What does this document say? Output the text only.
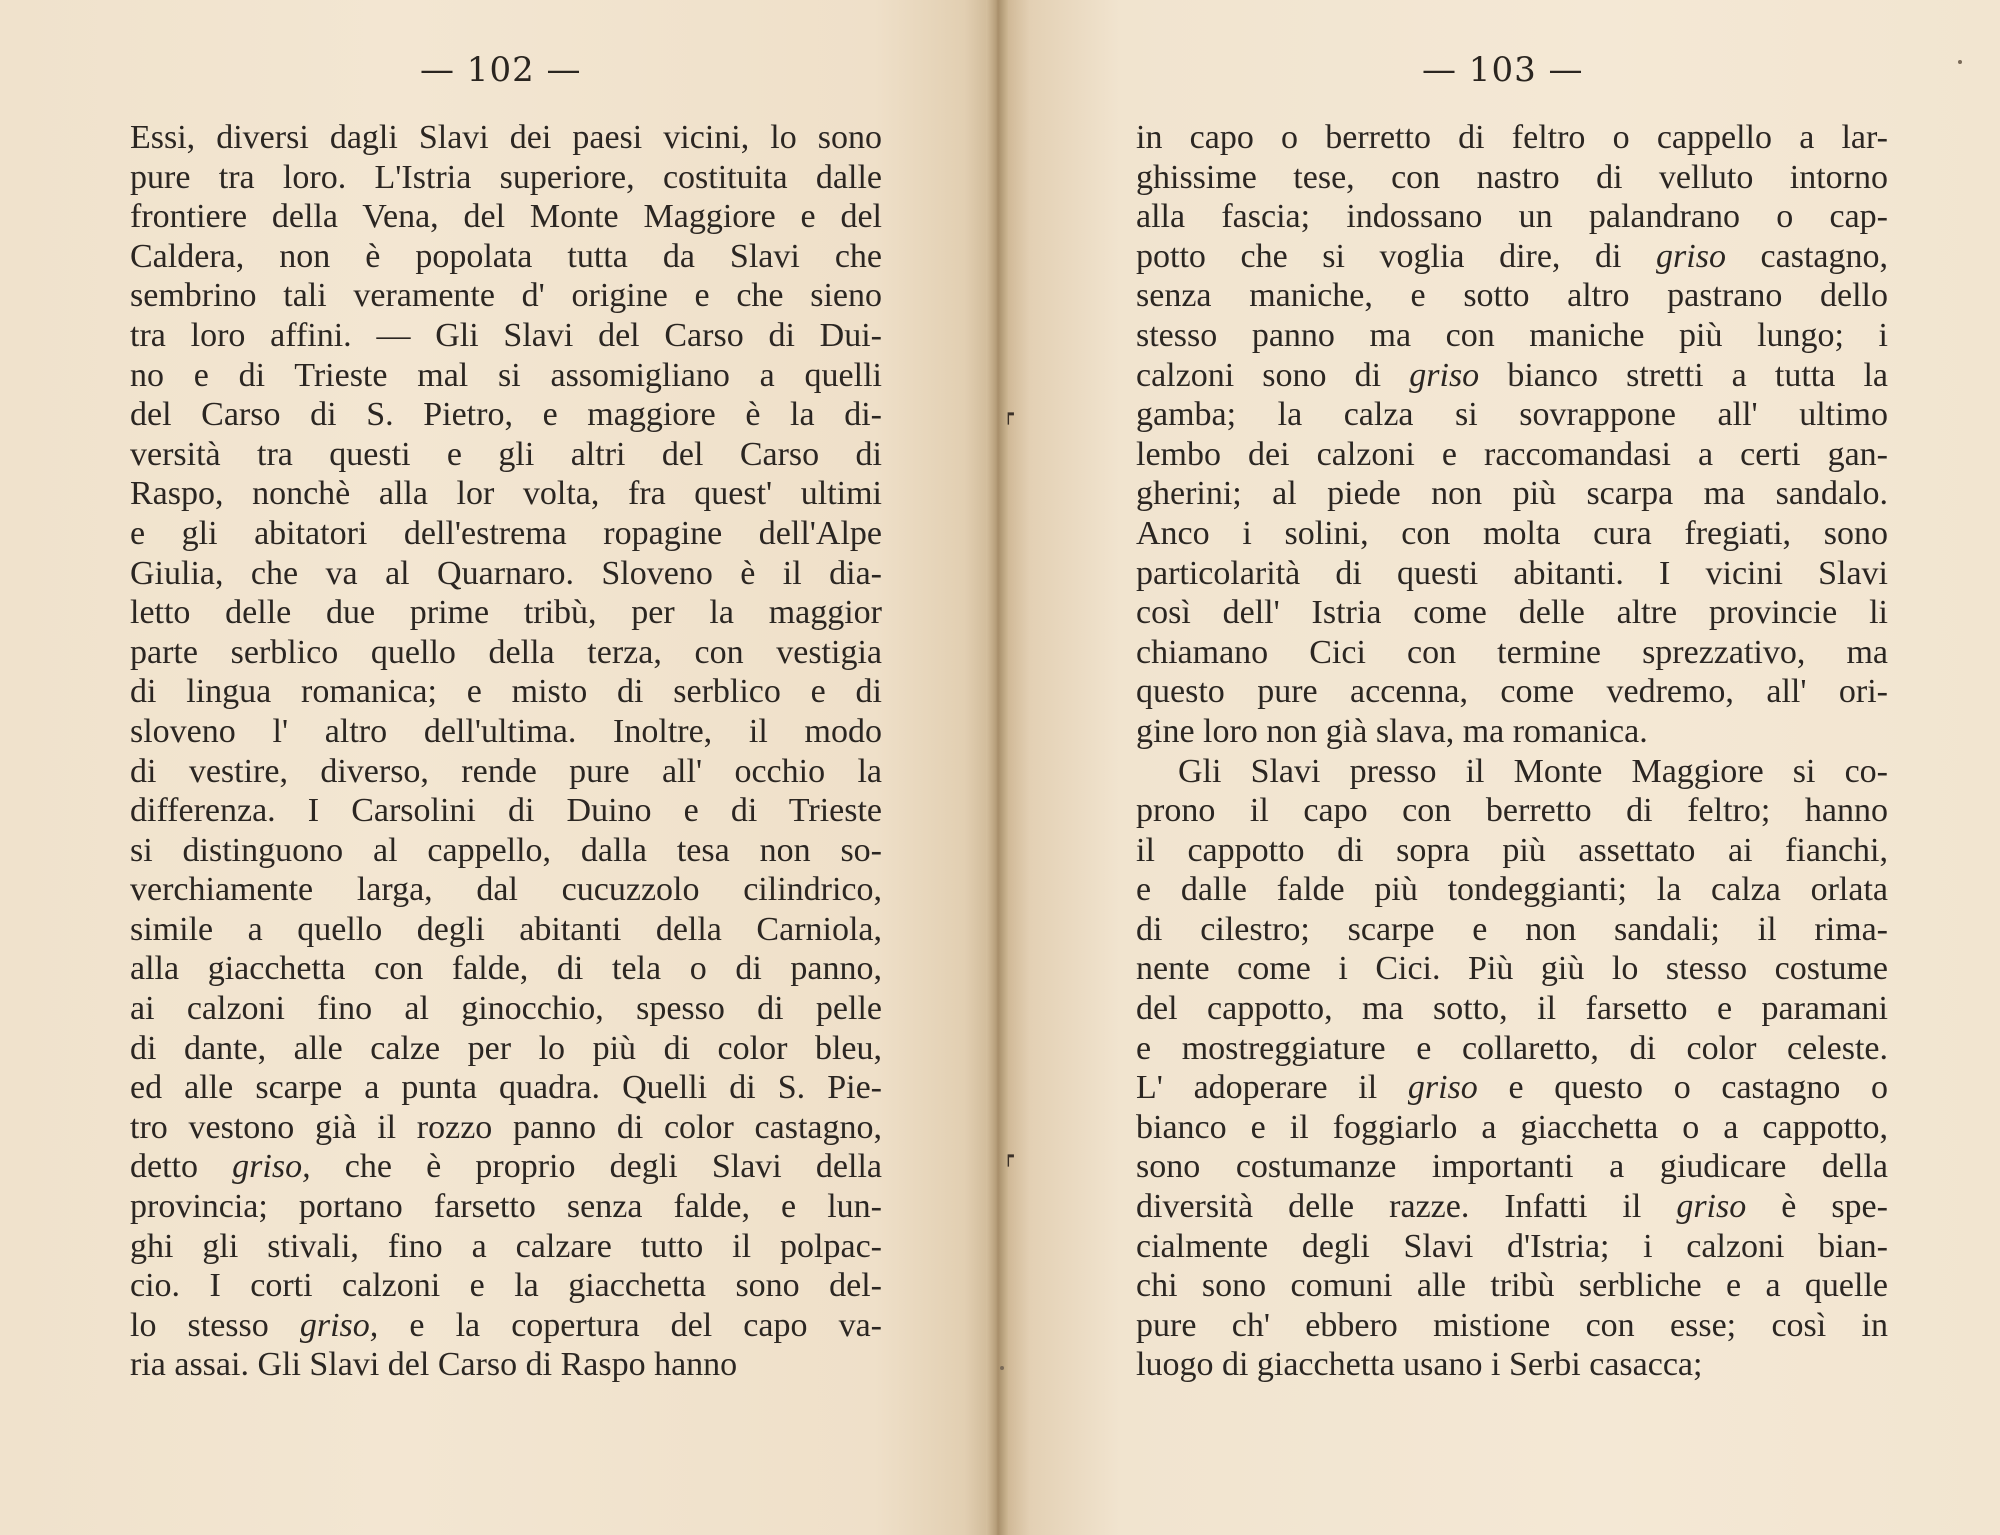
— 102 —	— 103 —
Essi, diversi dagli Slavi dei paesi vicini, lo sono
pure tra loro. L'Istria superiore, costituita dalle
frontiere della Vena, del Monte Maggiore e del
Caldera, non è popolata tutta da Slavi che
sembrino tali veramente d' origine e che sieno
tra loro affini. — Gli Slavi del Carso di Dui-
no e di Trieste mal si assomigliano a quelli
del Carso di S. Pietro, e maggiore è la di-
versità tra questi e gli altri del Carso di
Raspo, nonchè alla lor volta, fra quest' ultimi
e gli abitatori dell'estrema ropagine dell'Alpe
Giulia, che va al Quarnaro. Sloveno è il dia-
letto delle due prime tribù, per la maggior
parte serblico quello della terza, con vestigia
di lingua romanica; e misto di serblico e di
sloveno l' altro dell'ultima. Inoltre, il modo
di vestire, diverso, rende pure all' occhio la
differenza. I Carsolini di Duino e di Trieste
si distinguono al cappello, dalla tesa non so-
verchiamente larga, dal cucuzzolo cilindrico,
simile a quello degli abitanti della Carniola,
alla giacchetta con falde, di tela o di panno,
ai calzoni fino al ginocchio, spesso di pelle
di dante, alle calze per lo più di color bleu,
ed alle scarpe a punta quadra. Quelli di S. Pie-
tro vestono già il rozzo panno di color castagno,
detto griso, che è proprio degli Slavi della
provincia; portano farsetto senza falde, e lun-
ghi gli stivali, fino a calzare tutto il polpac-
cio. I corti calzoni e la giacchetta sono del-
lo stesso griso, e la copertura del capo va-
ria assai. Gli Slavi del Carso di Raspo hanno
in capo o berretto di feltro o cappello a lar-
ghissime tese, con nastro di velluto intorno
alla fascia; indossano un palandrano o cap-
potto che si voglia dire, di griso castagno,
senza maniche, e sotto altro pastrano dello
stesso panno ma con maniche più lungo; i
calzoni sono di griso bianco stretti a tutta la
gamba; la calza si sovrappone all' ultimo
lembo dei calzoni e raccomandasi a certi gan-
gherini; al piede non più scarpa ma sandalo.
Anco i solini, con molta cura fregiati, sono
particolarità di questi abitanti. I vicini Slavi
così dell' Istria come delle altre provincie li
chiamano Cici con termine sprezzativo, ma
questo pure accenna, come vedremo, all' ori-
gine loro non già slava, ma romanica.
Gli Slavi presso il Monte Maggiore si co-
prono il capo con berretto di feltro; hanno
il cappotto di sopra più assettato ai fianchi,
e dalle falde più tondeggianti; la calza orlata
di cilestro; scarpe e non sandali; il rima-
nente come i Cici. Più giù lo stesso costume
del cappotto, ma sotto, il farsetto e paramani
e mostreggiature e collaretto, di color celeste.
L' adoperare il griso e questo o castagno o
bianco e il foggiarlo a giacchetta o a cappotto,
sono costumanze importanti a giudicare della
diversità delle razze. Infatti il griso è spe-
cialmente degli Slavi d'Istria; i calzoni bian-
chi sono comuni alle tribù serbliche e a quelle
pure ch' ebbero mistione con esse; così in
luogo di giacchetta usano i Serbi casacca;
┍
┍
